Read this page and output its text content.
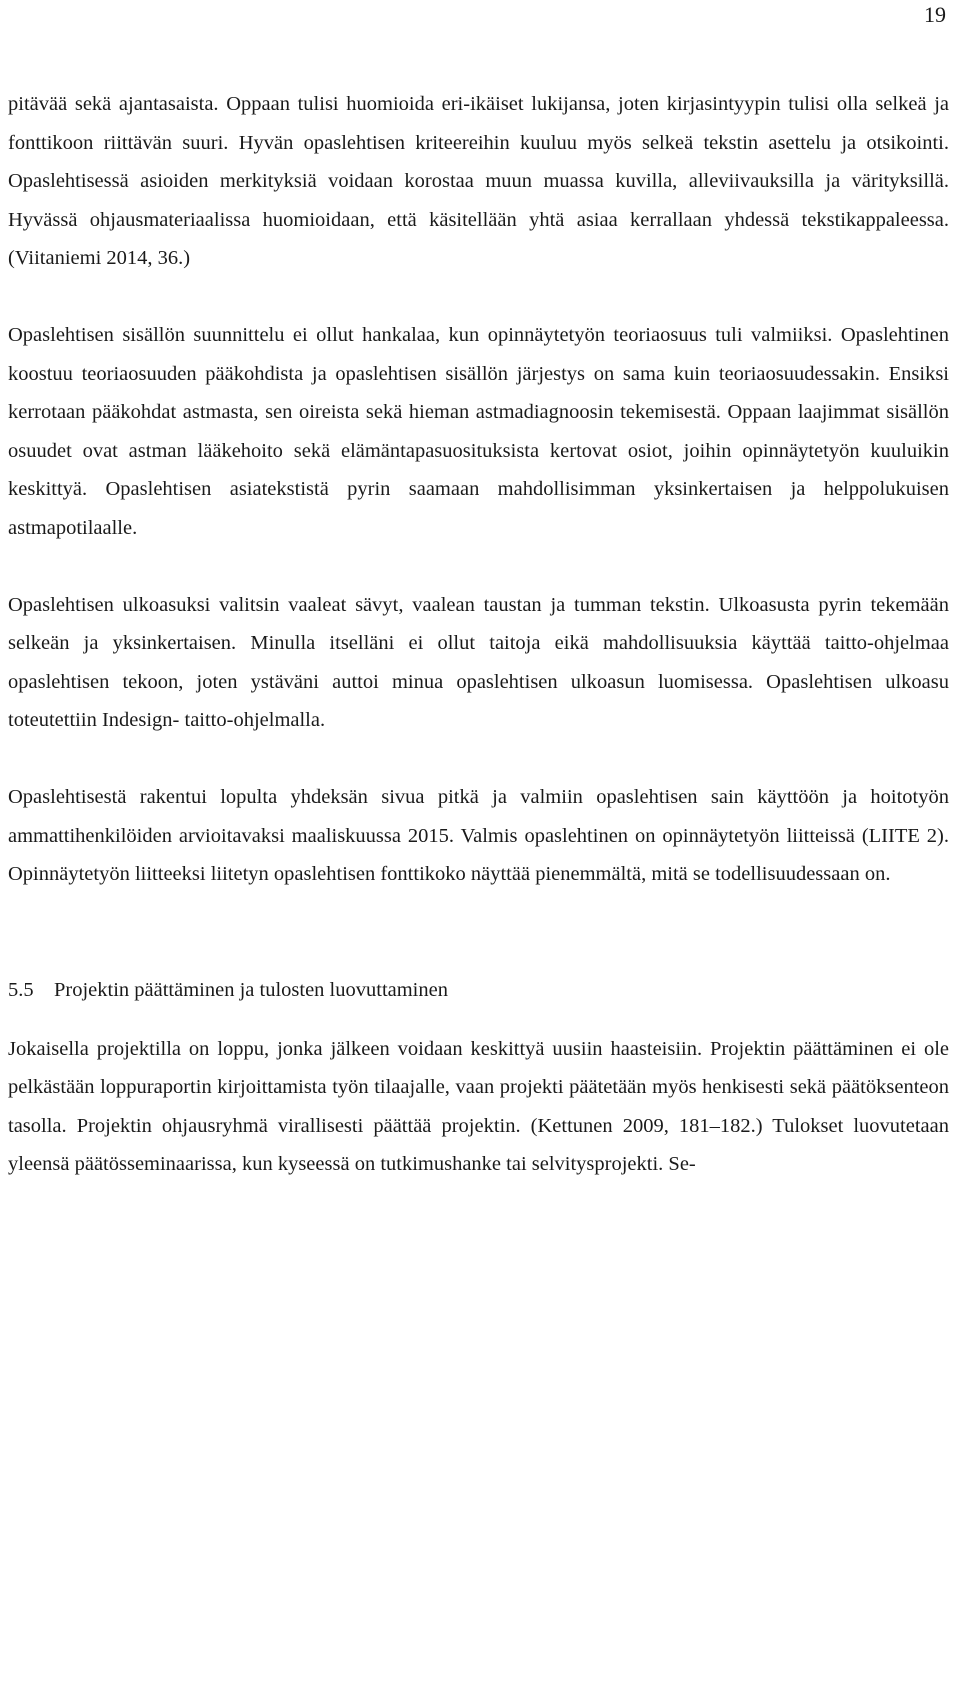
19

pitävää sekä ajantasaista. Oppaan tulisi huomioida eri-ikäiset lukijansa, joten kirjasintyypin tulisi olla selkeä ja fonttikoon riittävän suuri. Hyvän opaslehtisen kriteereihin kuuluu myös selkeä tekstin asettelu ja otsikointi. Opaslehtisessä asioiden merkityksiä voidaan korostaa muun muassa kuvilla, alleviivauksilla ja värityksillä. Hyvässä ohjausmateriaalissa huomioidaan, että käsitellään yhtä asiaa kerrallaan yhdessä tekstikappaleessa. (Viitaniemi 2014, 36.)

Opaslehtisen sisällön suunnittelu ei ollut hankalaa, kun opinnäytetyön teoriaosuus tuli valmiiksi. Opaslehtinen koostuu teoriaosuuden pääkohdista ja opaslehtisen sisällön järjestys on sama kuin teoriaosuudessakin. Ensiksi kerrotaan pääkohdat astmasta, sen oireista sekä hieman astmadiagnoosin tekemisestä. Oppaan laajimmat sisällön osuudet ovat astman lääkehoito sekä elämäntapasuosituksista kertovat osiot, joihin opinnäytetyön kuuluikin keskittyä. Opaslehtisen asiatekstistä pyrin saamaan mahdollisimman yksinkertaisen ja helppolukuisen astmapotilaalle.

Opaslehtisen ulkoasuksi valitsin vaaleat sävyt, vaalean taustan ja tumman tekstin. Ulkoasusta pyrin tekemään selkeän ja yksinkertaisen. Minulla itselläni ei ollut taitoja eikä mahdollisuuksia käyttää taitto-ohjelmaa opaslehtisen tekoon, joten ystäväni auttoi minua opaslehtisen ulkoasun luomisessa. Opaslehtisen ulkoasu toteutettiin Indesign- taitto-ohjelmalla.

Opaslehtisestä rakentui lopulta yhdeksän sivua pitkä ja valmiin opaslehtisen sain käyttöön ja hoitotyön ammattihenkilöiden arvioitavaksi maaliskuussa 2015. Valmis opaslehtinen on opinnäytetyön liitteissä (LIITE 2). Opinnäytetyön liitteeksi liitetyn opaslehtisen fonttikoko näyttää pienemmältä, mitä se todellisuudessaan on.

5.5 Projektin päättäminen ja tulosten luovuttaminen

Jokaisella projektilla on loppu, jonka jälkeen voidaan keskittyä uusiin haasteisiin. Projektin päättäminen ei ole pelkästään loppuraportin kirjoittamista työn tilaajalle, vaan projekti päätetään myös henkisesti sekä päätöksenteon tasolla. Projektin ohjausryhmä virallisesti päättää projektin. (Kettunen 2009, 181–182.) Tulokset luovutetaan yleensä päätösseminaarissa, kun kyseessä on tutkimushanke tai selvitysprojekti. Se-
